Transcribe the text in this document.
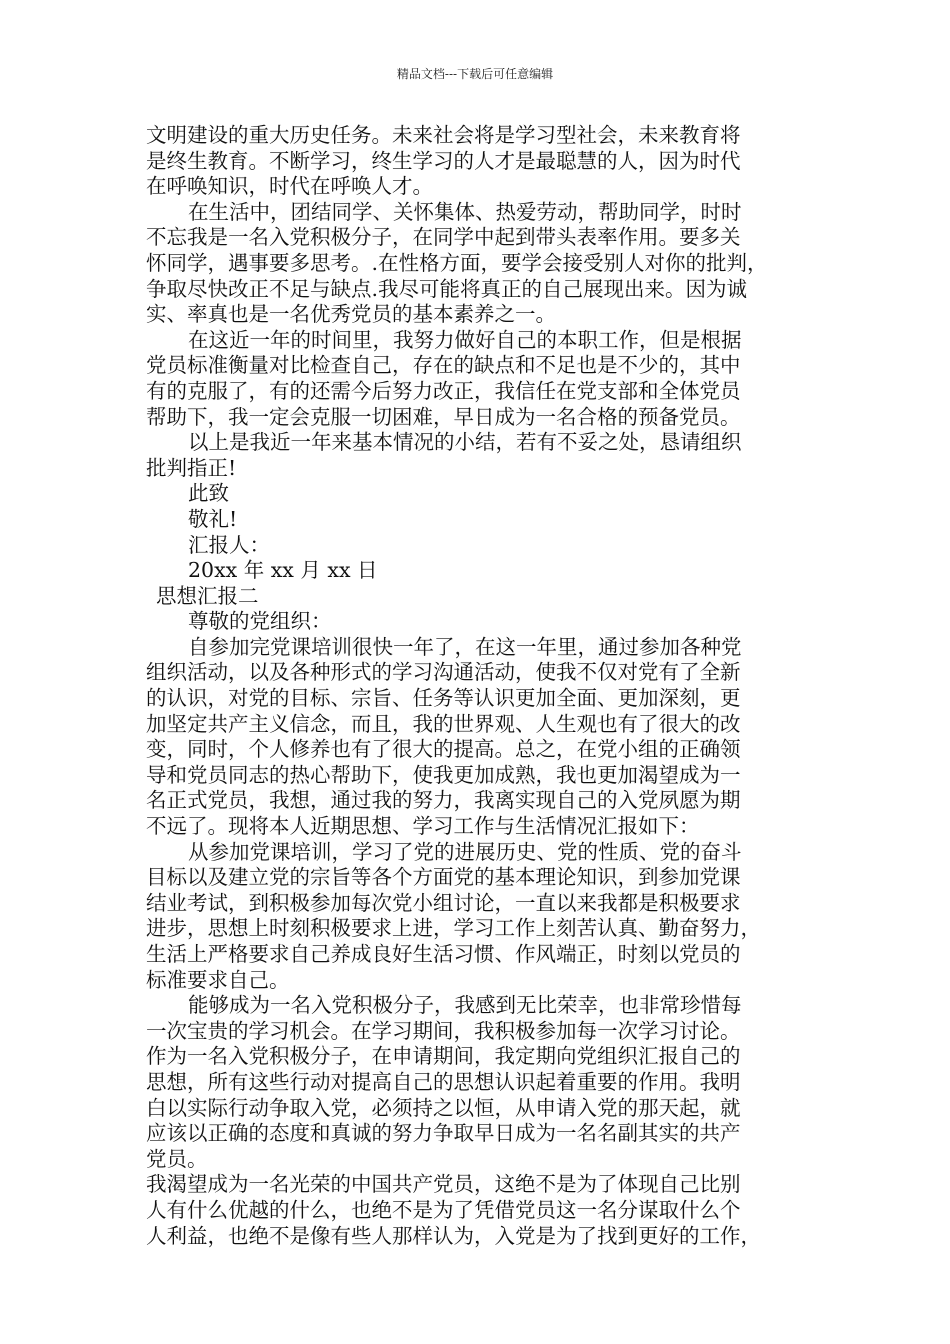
精品文档---下载后可任意编辑

文明建设的重大历史任务。未来社会将是学习型社会，未来教育将
是终生教育。不断学习，终生学习的人才是最聪慧的人，因为时代
在呼唤知识，时代在呼唤人才。

在生活中，团结同学、关怀集体、热爱劳动，帮助同学，时时
不忘我是一名入党积极分子，在同学中起到带头表率作用。要多关
怀同学，遇事要多思考。.在性格方面，要学会接受别人对你的批判，
争取尽快改正不足与缺点.我尽可能将真正的自己展现出来。因为诚
实、率真也是一名优秀党员的基本素养之一。

在这近一年的时间里，我努力做好自己的本职工作，但是根据
党员标准衡量对比检查自己，存在的缺点和不足也是不少的，其中
有的克服了，有的还需今后努力改正，我信任在党支部和全体党员
帮助下，我一定会克服一切困难，早日成为一名合格的预备党员。

以上是我近一年来基本情况的小结，若有不妥之处，恳请组织
批判指正!

此致

敬礼!

汇报人：

20xx 年 xx 月 xx 日

思想汇报二

尊敬的党组织：

自参加完党课培训很快一年了，在这一年里，通过参加各种党
组织活动，以及各种形式的学习沟通活动，使我不仅对党有了全新
的认识，对党的目标、宗旨、任务等认识更加全面、更加深刻，更
加坚定共产主义信念，而且，我的世界观、人生观也有了很大的改
变，同时，个人修养也有了很大的提高。总之，在党小组的正确领
导和党员同志的热心帮助下，使我更加成熟，我也更加渴望成为一
名正式党员，我想，通过我的努力，我离实现自己的入党夙愿为期
不远了。现将本人近期思想、学习工作与生活情况汇报如下：

从参加党课培训，学习了党的进展历史、党的性质、党的奋斗
目标以及建立党的宗旨等各个方面党的基本理论知识，到参加党课
结业考试，到积极参加每次党小组讨论，一直以来我都是积极要求
进步，思想上时刻积极要求上进，学习工作上刻苦认真、勤奋努力，
生活上严格要求自己养成良好生活习惯、作风端正，时刻以党员的
标准要求自己。

能够成为一名入党积极分子，我感到无比荣幸，也非常珍惜每
一次宝贵的学习机会。在学习期间，我积极参加每一次学习讨论。
作为一名入党积极分子，在申请期间，我定期向党组织汇报自己的
思想，所有这些行动对提高自己的思想认识起着重要的作用。我明
白以实际行动争取入党，必须持之以恒，从申请入党的那天起，就
应该以正确的态度和真诚的努力争取早日成为一名名副其实的共产
党员。

我渴望成为一名光荣的中国共产党员，这绝不是为了体现自己比别
人有什么优越的什么，也绝不是为了凭借党员这一名分谋取什么个
人利益，也绝不是像有些人那样认为，入党是为了找到更好的工作，
